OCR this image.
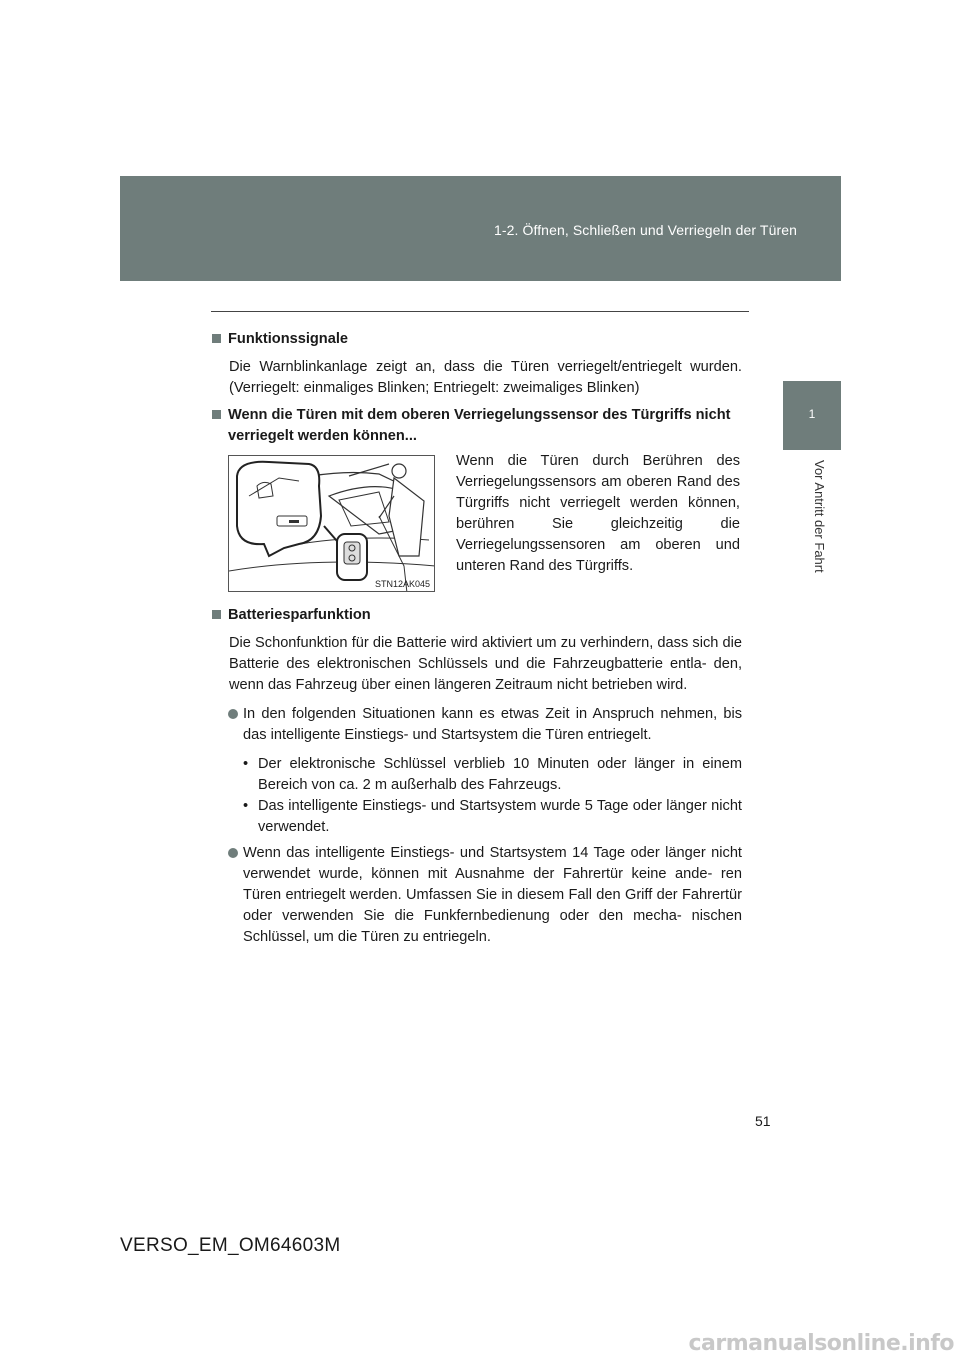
1-2. Öffnen, Schließen und Verriegeln der Türen
1
Vor Antritt der Fahrt

Funktionssignale

Die Warnblinkanlage zeigt an, dass die Türen verriegelt/entriegelt wurden. (Verriegelt: einmaliges Blinken; Entriegelt: zweimaliges Blinken)

Wenn die Türen mit dem oberen Verriegelungssensor des Türgriffs nicht verriegelt werden können...

STN12AK045
Wenn die Türen durch Berühren des Verriegelungssensors am oberen Rand des Türgriffs nicht verriegelt werden können, berühren Sie gleichzeitig die Verriegelungssensoren am oberen und unteren Rand des Türgriffs.

Batteriesparfunktion

Die Schonfunktion für die Batterie wird aktiviert um zu verhindern, dass sich die Batterie des elektronischen Schlüssels und die Fahrzeugbatterie entla- den, wenn das Fahrzeug über einen längeren Zeitraum nicht betrieben wird.

In den folgenden Situationen kann es etwas Zeit in Anspruch nehmen, bis das intelligente Einstiegs- und Startsystem die Türen entriegelt.

• Der elektronische Schlüssel verblieb 10 Minuten oder länger in einem Bereich von ca. 2 m außerhalb des Fahrzeugs.

• Das intelligente Einstiegs- und Startsystem wurde 5 Tage oder länger nicht verwendet.

Wenn das intelligente Einstiegs- und Startsystem 14 Tage oder länger nicht verwendet wurde, können mit Ausnahme der Fahrertür keine ande- ren Türen entriegelt werden. Umfassen Sie in diesem Fall den Griff der Fahrertür oder verwenden Sie die Funkfernbedienung oder den mecha- nischen Schlüssel, um die Türen zu entriegeln.

51
VERSO_EM_OM64603M
carmanualsonline.info
